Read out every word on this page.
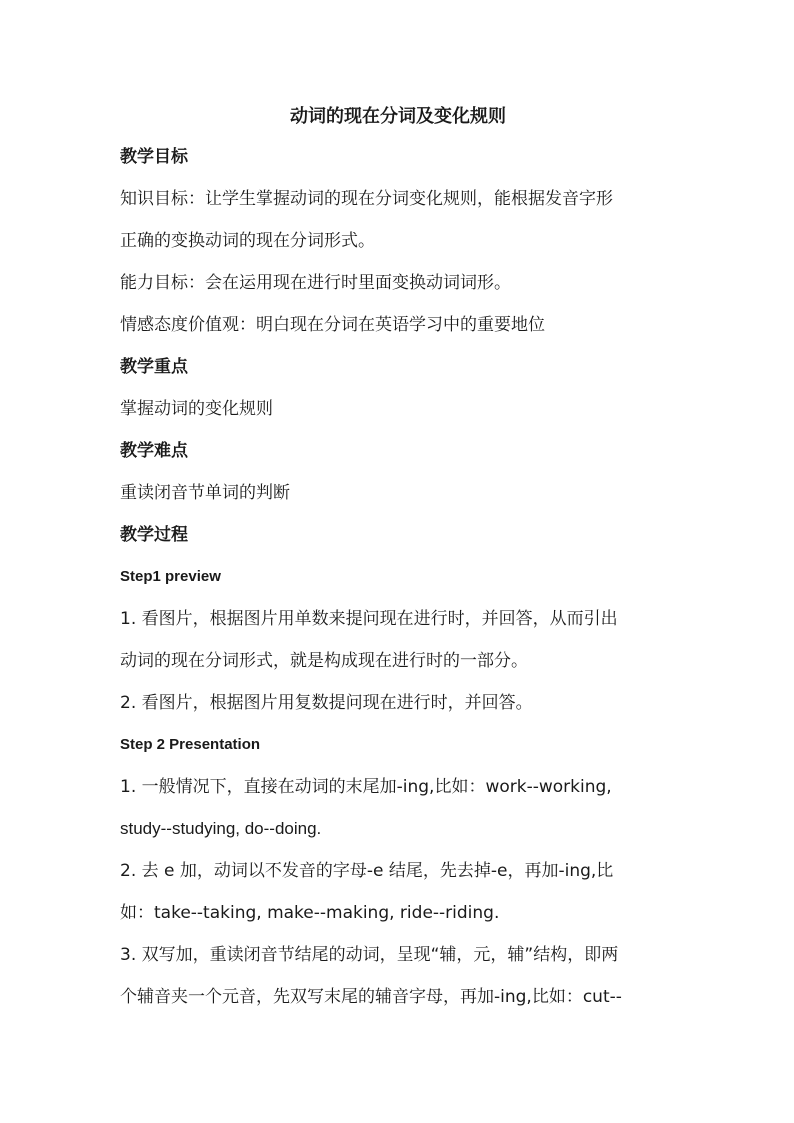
动词的现在分词及变化规则

教学目标

知识目标：让学生掌握动词的现在分词变化规则，能根据发音字形

正确的变换动词的现在分词形式。

能力目标：会在运用现在进行时里面变换动词词形。

情感态度价值观：明白现在分词在英语学习中的重要地位

教学重点

掌握动词的变化规则

教学难点

重读闭音节单词的判断

教学过程

Step1 preview

1. 看图片，根据图片用单数来提问现在进行时，并回答，从而引出

动词的现在分词形式，就是构成现在进行时的一部分。

2. 看图片，根据图片用复数提问现在进行时，并回答。

Step 2 Presentation

1. 一般情况下，直接在动词的末尾加-ing,比如：work--working,

study--studying, do--doing.

2. 去 e 加，动词以不发音的字母-e 结尾，先去掉-e，再加-ing,比

如：take--taking, make--making, ride--riding.

3. 双写加，重读闭音节结尾的动词，呈现“辅，元，辅”结构，即两

个辅音夹一个元音，先双写末尾的辅音字母，再加-ing,比如：cut--
